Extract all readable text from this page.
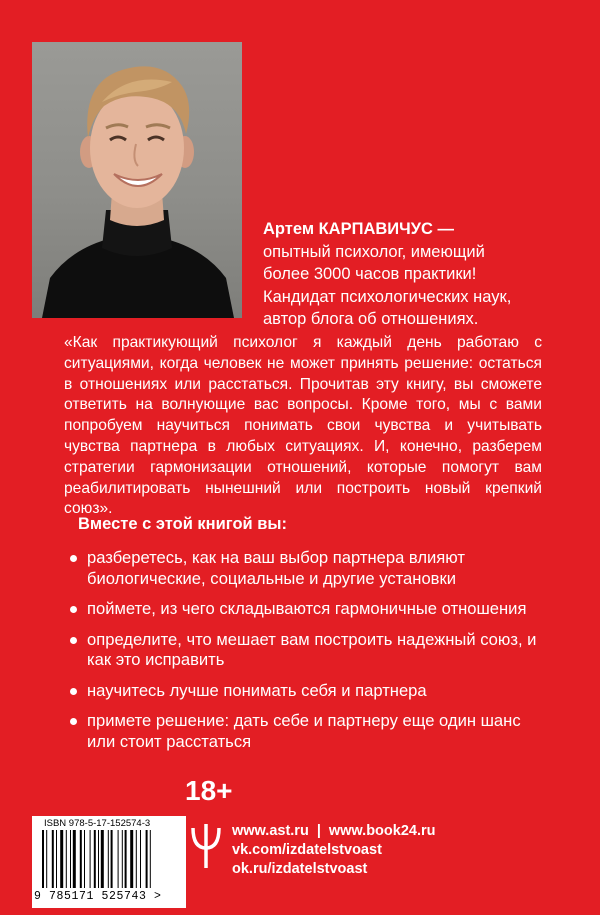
Артем КАРПАВИЧУС —
опытный психолог, имеющий
более 3000 часов практики!
Кандидат психологических наук,
автор блога об отношениях.
«Как практикующий психолог я каждый день работаю с ситуациями, когда человек не может принять решение: остаться в отношениях или расстаться. Прочитав эту книгу, вы сможете ответить на волнующие вас вопросы. Кроме того, мы с вами попробуем научиться понимать свои чувства и учитывать чувства партнера в любых ситуациях. И, конечно, разберем стратегии гармонизации отношений, которые помогут вам реабилитировать нынешний или построить новый крепкий союз».
Вместе с этой книгой вы:
разберетесь, как на ваш выбор партнера влияют биологические, социальные и другие установки
поймете, из чего складываются гармоничные отношения
определите, что мешает вам построить надежный союз, и как это исправить
научитесь лучше понимать себя и партнера
примете решение: дать себе и партнеру еще один шанс или стоит расстаться
18+
ISBN 978-5-17-152574-3
9 785171 525743 >
www.ast.ru | www.book24.ru
vk.com/izdatelstvoast
ok.ru/izdatelstvoast
